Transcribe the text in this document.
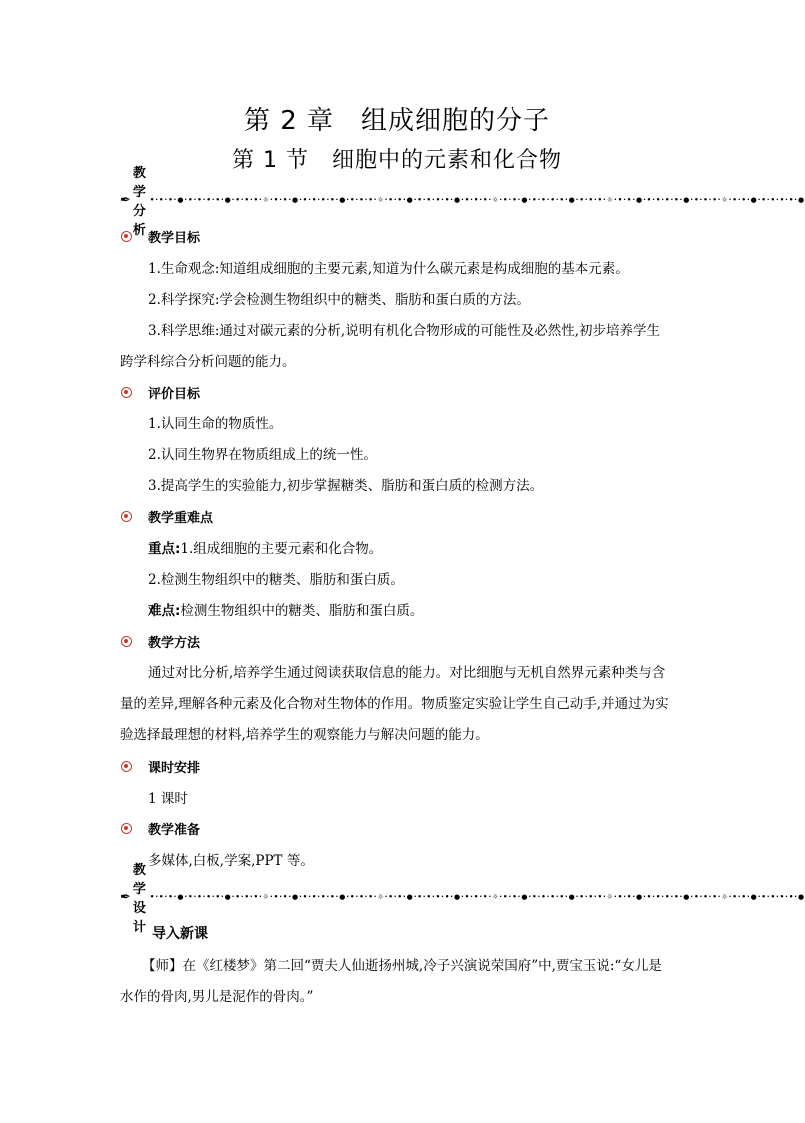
第 2 章　组成细胞的分子
第 1 节　细胞中的元素和化合物
✒
教学分析
•·•·•·●·•·•·•·•·●·•·•·•·☼·•·•·●·•·•·•·•·●·•·•·•·☼·•·•·●·•·•·•·•·●·•·•·•·☼·•·•·●·•·•·•·•·●·•·•·•·☼·•·•·●·•·•·•·•·●·•·•·•·☼·•·•·●·•·•·•·•·●
教学目标
1.生命观念:知道组成细胞的主要元素,知道为什么碳元素是构成细胞的基本元素。
2.科学探究:学会检测生物组织中的糖类、脂肪和蛋白质的方法。
3.科学思维:通过对碳元素的分析,说明有机化合物形成的可能性及必然性,初步培养学生
跨学科综合分析问题的能力。
评价目标
1.认同生命的物质性。
2.认同生物界在物质组成上的统一性。
3.提高学生的实验能力,初步掌握糖类、脂肪和蛋白质的检测方法。
教学重难点
重点:1.组成细胞的主要元素和化合物。
2.检测生物组织中的糖类、脂肪和蛋白质。
难点:检测生物组织中的糖类、脂肪和蛋白质。
教学方法
通过对比分析,培养学生通过阅读获取信息的能力。对比细胞与无机自然界元素种类与含量的差异,理解各种元素及化合物对生物体的作用。物质鉴定实验让学生自己动手,并通过为实验选择最理想的材料,培养学生的观察能力与解决问题的能力。
课时安排
1 课时
教学准备
多媒体,白板,学案,PPT 等。
✒
教学设计
•·•·•·●·•·•·•·•·●·•·•·•·☼·•·•·●·•·•·•·•·●·•·•·•·☼·•·•·●·•·•·•·•·●·•·•·•·☼·•·•·●·•·•·•·•·●·•·•·•·☼·•·•·●·•·•·•·•·●·•·•·•·☼·•·•·●·•·•·•·•·●
导入新课
【师】在《红楼梦》第二回“贾夫人仙逝扬州城,冷子兴演说荣国府”中,贾宝玉说:“女儿是水作的骨肉,男儿是泥作的骨肉。”
